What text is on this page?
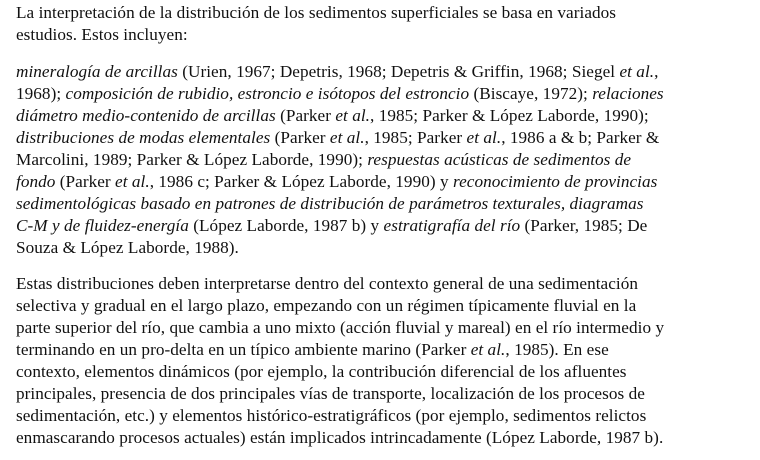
La interpretación de la distribución de los sedimentos superficiales se basa en variados

estudios. Estos incluyen:

mineralogía de arcillas (Urien, 1967; Depetris, 1968; Depetris & Griffin, 1968; Siegel et al.,

1968); composición de rubidio, estroncio e isótopos del estroncio (Biscaye, 1972); relaciones

diámetro medio-contenido de arcillas (Parker et al., 1985; Parker & López Laborde, 1990);

distribuciones de modas elementales (Parker et al., 1985; Parker et al., 1986 a & b; Parker &

Marcolini, 1989; Parker & López Laborde, 1990); respuestas acústicas de sedimentos de

fondo (Parker et al., 1986 c; Parker & López Laborde, 1990) y reconocimiento de provincias

sedimentológicas basado en patrones de distribución de parámetros texturales, diagramas

C-M y de fluidez-energía (López Laborde, 1987 b) y estratigrafía del río (Parker, 1985; De

Souza & López Laborde, 1988).

Estas distribuciones deben interpretarse dentro del contexto general de una sedimentación

selectiva y gradual en el largo plazo, empezando con un régimen típicamente fluvial en la

parte superior del río, que cambia a uno mixto (acción fluvial y mareal) en el río intermedio y

terminando en un pro-delta en un típico ambiente marino (Parker et al., 1985). En ese

contexto, elementos dinámicos (por ejemplo, la contribución diferencial de los afluentes

principales, presencia de dos principales vías de transporte, localización de los procesos de

sedimentación, etc.) y elementos histórico-estratigráficos (por ejemplo, sedimentos relictos

enmascarando procesos actuales) están implicados intrincadamente (López Laborde, 1987 b).
